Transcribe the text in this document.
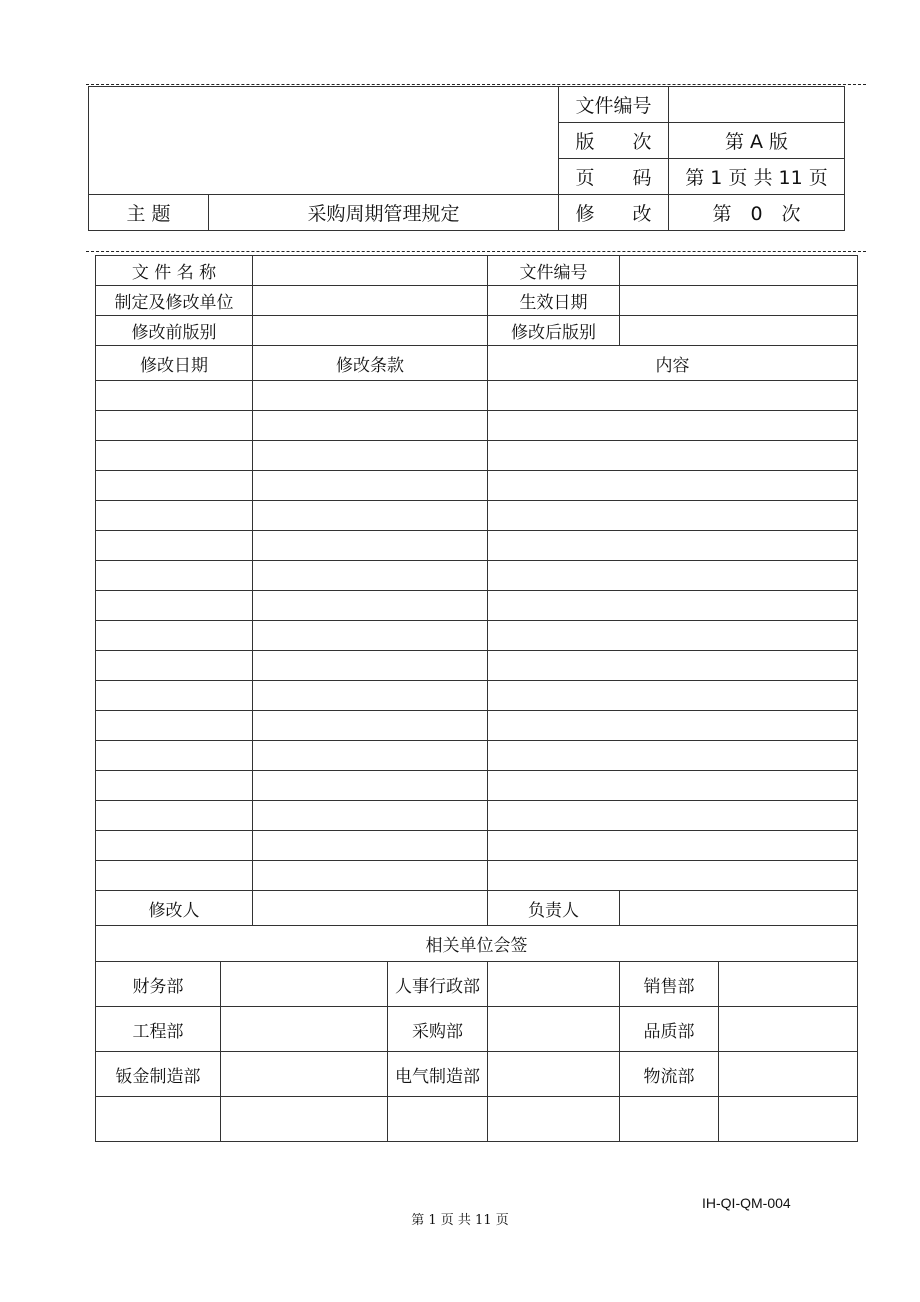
		文件编号	
		版　　次	第 A 版
		页　　码	第 1 页 共 11 页
主 题	采购周期管理规定	修　　改	第　0　次
文 件 名 称				文件编号		
制定及修改单位				生效日期		
修改前版别				修改后版别		
修改日期		修改条款		内容		

修改人				负责人		
相关单位会签						
财务部			人事行政部		销售部	
工程部			采购部		品质部	
钣金制造部			电气制造部		物流部	

IH-QI-QM-004
第 1 页 共 11 页
